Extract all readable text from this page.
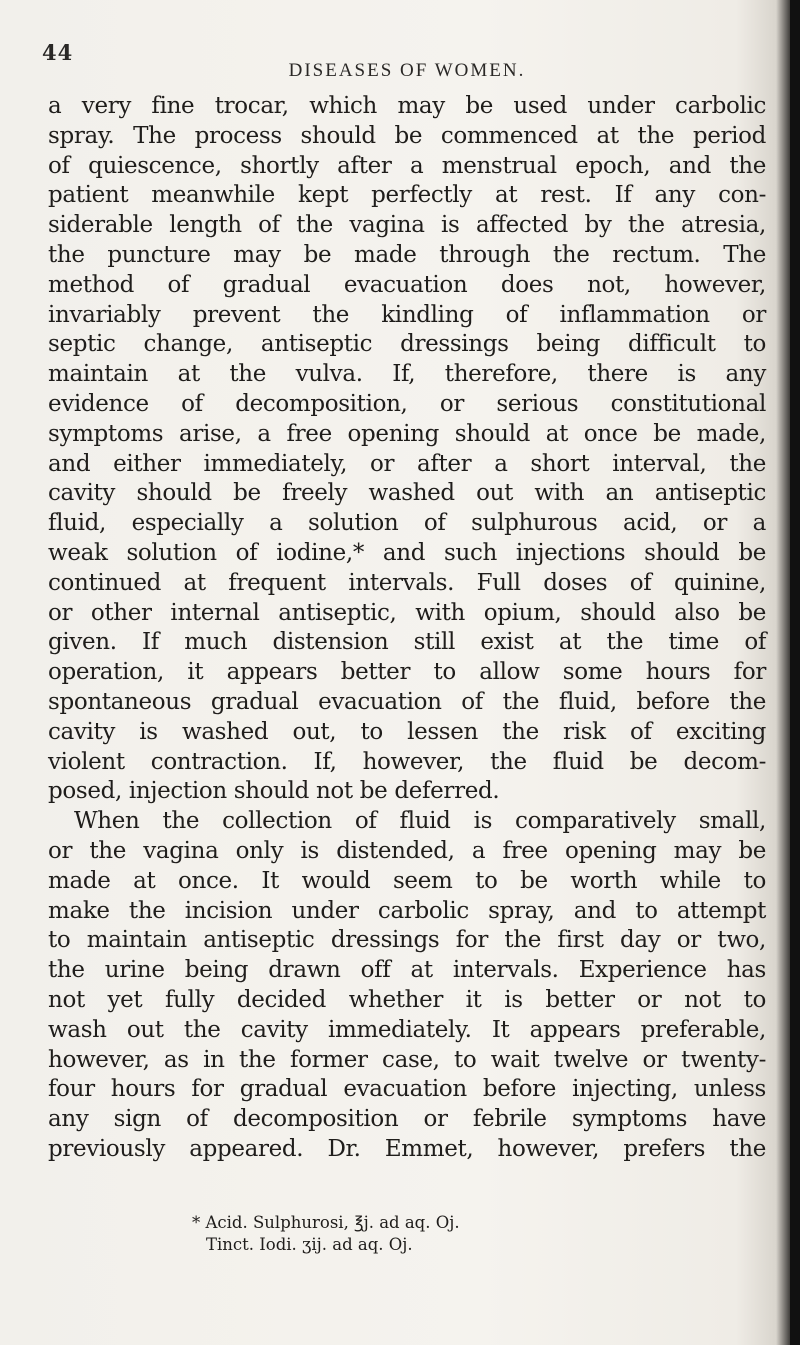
44
DISEASES OF WOMEN.
a very fine trocar, which may be used under carbolic
spray. The process should be commenced at the period
of quiescence, shortly after a menstrual epoch, and the
patient meanwhile kept perfectly at rest. If any con-
siderable length of the vagina is affected by the atresia,
the puncture may be made through the rectum. The
method of gradual evacuation does not, however,
invariably prevent the kindling of inflammation or
septic change, antiseptic dressings being difficult to
maintain at the vulva. If, therefore, there is any
evidence of decomposition, or serious constitutional
symptoms arise, a free opening should at once be made,
and either immediately, or after a short interval, the
cavity should be freely washed out with an antiseptic
fluid, especially a solution of sulphurous acid, or a
weak solution of iodine,* and such injections should be
continued at frequent intervals. Full doses of quinine,
or other internal antiseptic, with opium, should also be
given. If much distension still exist at the time of
operation, it appears better to allow some hours for
spontaneous gradual evacuation of the fluid, before the
cavity is washed out, to lessen the risk of exciting
violent contraction. If, however, the fluid be decom-
posed, injection should not be deferred.
When the collection of fluid is comparatively small,
or the vagina only is distended, a free opening may be
made at once. It would seem to be worth while to
make the incision under carbolic spray, and to attempt
to maintain antiseptic dressings for the first day or two,
the urine being drawn off at intervals. Experience has
not yet fully decided whether it is better or not to
wash out the cavity immediately. It appears preferable,
however, as in the former case, to wait twelve or twenty-
four hours for gradual evacuation before injecting, unless
any sign of decomposition or febrile symptoms have
previously appeared. Dr. Emmet, however, prefers the
* Acid. Sulphurosi, ℥j. ad aq. Oj.
Tinct. Iodi. ʒij. ad aq. Oj.
